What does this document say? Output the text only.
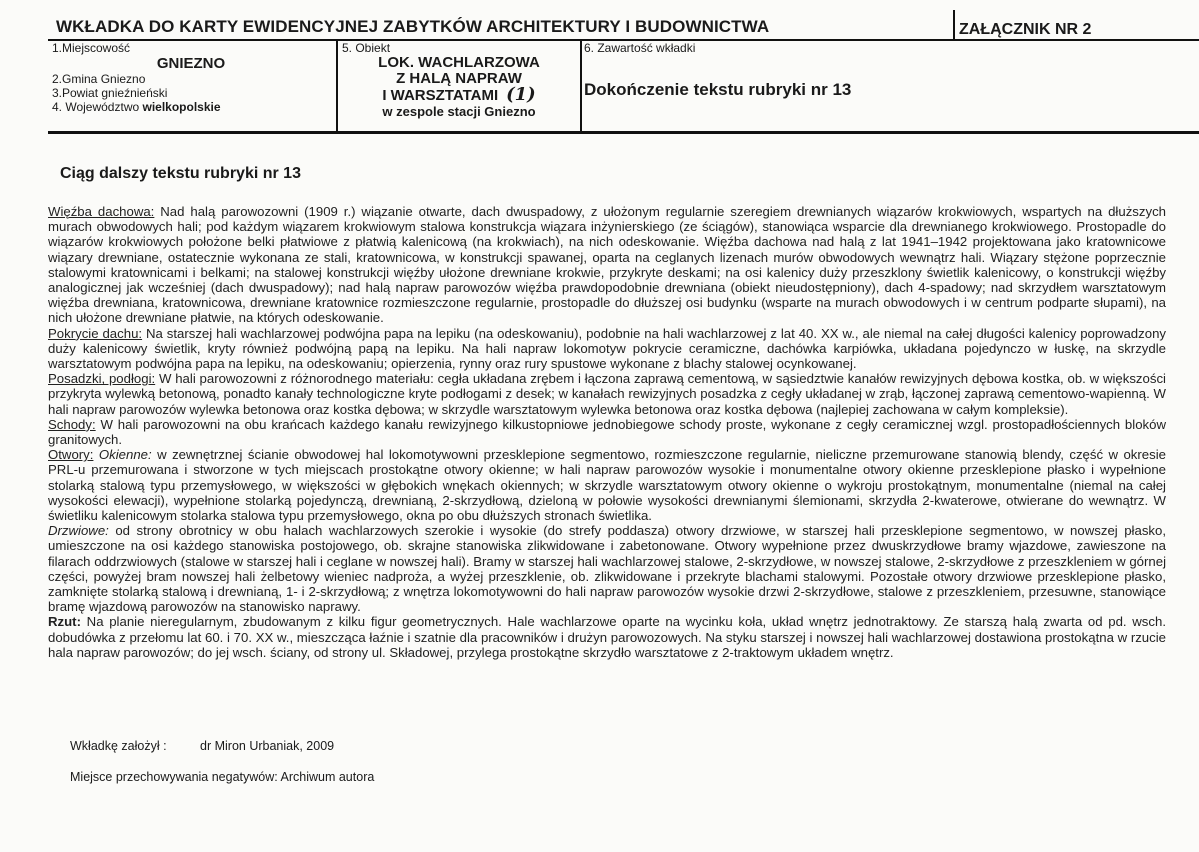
WKŁADKA DO KARTY EWIDENCYJNEJ ZABYTKÓW ARCHITEKTURY I BUDOWNICTWA	ZAŁĄCZNIK NR 2
1.Miejscowość
GNIEZNO
2.Gmina Gniezno
3.Powiat gnieźnieński
4. Województwo wielkopolskie
5. Obiekt
LOK. WACHLARZOWA
Z HALĄ NAPRAW
I WARSZTATAMI (1)
w zespole stacji Gniezno
6. Zawartość wkładki
Dokończenie tekstu rubryki nr 13
Ciąg dalszy tekstu rubryki nr 13

Więźba dachowa: Nad halą parowozowni (1909 r.) wiązanie otwarte, dach dwuspadowy, z ułożonym regularnie szeregiem drewnianych wiązarów krokwiowych, wspartych na dłuższych murach obwodowych hali; pod każdym wiązarem krokwiowym stalowa konstrukcja wiązara inżynierskiego (ze ściągów), stanowiąca wsparcie dla drewnianego krokwiowego. Prostopadle do wiązarów krokwiowych położone belki płatwiowe z płatwią kalenicową (na krokwiach), na nich odeskowanie. Więźba dachowa nad halą z lat 1941–1942 projektowana jako kratownicowe wiązary drewniane, ostatecznie wykonana ze stali, kratownicowa, w konstrukcji spawanej, oparta na ceglanych lizenach murów obwodowych wewnątrz hali. Wiązary stężone poprzecznie stalowymi kratownicami i belkami; na stalowej konstrukcji więźby ułożone drewniane krokwie, przykryte deskami; na osi kalenicy duży przeszklony świetlik kalenicowy, o konstrukcji więźby analogicznej jak wcześniej (dach dwuspadowy); nad halą napraw parowozów więźba prawdopodobnie drewniana (obiekt nieudostępniony), dach 4-spadowy; nad skrzydłem warsztatowym więźba drewniana, kratownicowa, drewniane kratownice rozmieszczone regularnie, prostopadle do dłuższej osi budynku (wsparte na murach obwodowych i w centrum podparte słupami), na nich ułożone drewniane płatwie, na których odeskowanie.

Pokrycie dachu: Na starszej hali wachlarzowej podwójna papa na lepiku (na odeskowaniu), podobnie na hali wachlarzowej z lat 40. XX w., ale niemal na całej długości kalenicy poprowadzony duży kalenicowy świetlik, kryty również podwójną papą na lepiku. Na hali napraw lokomotyw pokrycie ceramiczne, dachówka karpiówka, układana pojedynczo w łuskę, na skrzydle warsztatowym podwójna papa na lepiku, na odeskowaniu; opierzenia, rynny oraz rury spustowe wykonane z blachy stalowej ocynkowanej.

Posadzki, podłogi: W hali parowozowni z różnorodnego materiału: cegła układana zrębem i łączona zaprawą cementową, w sąsiedztwie kanałów rewizyjnych dębowa kostka, ob. w większości przykryta wylewką betonową, ponadto kanały technologiczne kryte podłogami z desek; w kanałach rewizyjnych posadzka z cegły układanej w zrąb, łączonej zaprawą cementowo-wapienną. W hali napraw parowozów wylewka betonowa oraz kostka dębowa; w skrzydle warsztatowym wylewka betonowa oraz kostka dębowa (najlepiej zachowana w całym kompleksie).

Schody: W hali parowozowni na obu krańcach każdego kanału rewizyjnego kilkustopniowe jednobiegowe schody proste, wykonane z cegły ceramicznej wzgl. prostopadłościennych bloków granitowych.

Otwory: Okienne: w zewnętrznej ścianie obwodowej hal lokomotywowni przesklepione segmentowo, rozmieszczone regularnie, nieliczne przemurowane stanowią blendy, część w okresie PRL-u przemurowana i stworzone w tych miejscach prostokątne otwory okienne; w hali napraw parowozów wysokie i monumentalne otwory okienne przesklepione płasko i wypełnione stolarką stalową typu przemysłowego, w większości w głębokich wnękach okiennych; w skrzydle warsztatowym otwory okienne o wykroju prostokątnym, monumentalne (niemal na całej wysokości elewacji), wypełnione stolarką pojedynczą, drewnianą, 2-skrzydłową, dzieloną w połowie wysokości drewnianymi ślemionami, skrzydła 2-kwaterowe, otwierane do wewnątrz. W świetliku kalenicowym stolarka stalowa typu przemysłowego, okna po obu dłuższych stronach świetlika.

Drzwiowe: od strony obrotnicy w obu halach wachlarzowych szerokie i wysokie (do strefy poddasza) otwory drzwiowe, w starszej hali przesklepione segmentowo, w nowszej płasko, umieszczone na osi każdego stanowiska postojowego, ob. skrajne stanowiska zlikwidowane i zabetonowane. Otwory wypełnione przez dwuskrzydłowe bramy wjazdowe, zawieszone na filarach oddrzwiowych (stalowe w starszej hali i ceglane w nowszej hali). Bramy w starszej hali wachlarzowej stalowe, 2-skrzydłowe, w nowszej stalowe, 2-skrzydłowe z przeszkleniem w górnej części, powyżej bram nowszej hali żelbetowy wieniec nadproża, a wyżej przeszklenie, ob. zlikwidowane i przekryte blachami stalowymi. Pozostałe otwory drzwiowe przesklepione płasko, zamknięte stolarką stalową i drewnianą, 1- i 2-skrzydłową; z wnętrza lokomotywowni do hali napraw parowozów wysokie drzwi 2-skrzydłowe, stalowe z przeszkleniem, przesuwne, stanowiące bramę wjazdową parowozów na stanowisko naprawy.

Rzut: Na planie nieregularnym, zbudowanym z kilku figur geometrycznych. Hale wachlarzowe oparte na wycinku koła, układ wnętrz jednotraktowy. Ze starszą halą zwarta od pd. wsch. dobudówka z przełomu lat 60. i 70. XX w., mieszcząca łaźnie i szatnie dla pracowników i drużyn parowozowych. Na styku starszej i nowszej hali wachlarzowej dostawiona prostokątna w rzucie hala napraw parowozów; do jej wsch. ściany, od strony ul. Składowej, przylega prostokątne skrzydło warsztatowe z 2-traktowym układem wnętrz.

Wkładkę założył :	dr Miron Urbaniak, 2009
Miejsce przechowywania negatywów: Archiwum autora
